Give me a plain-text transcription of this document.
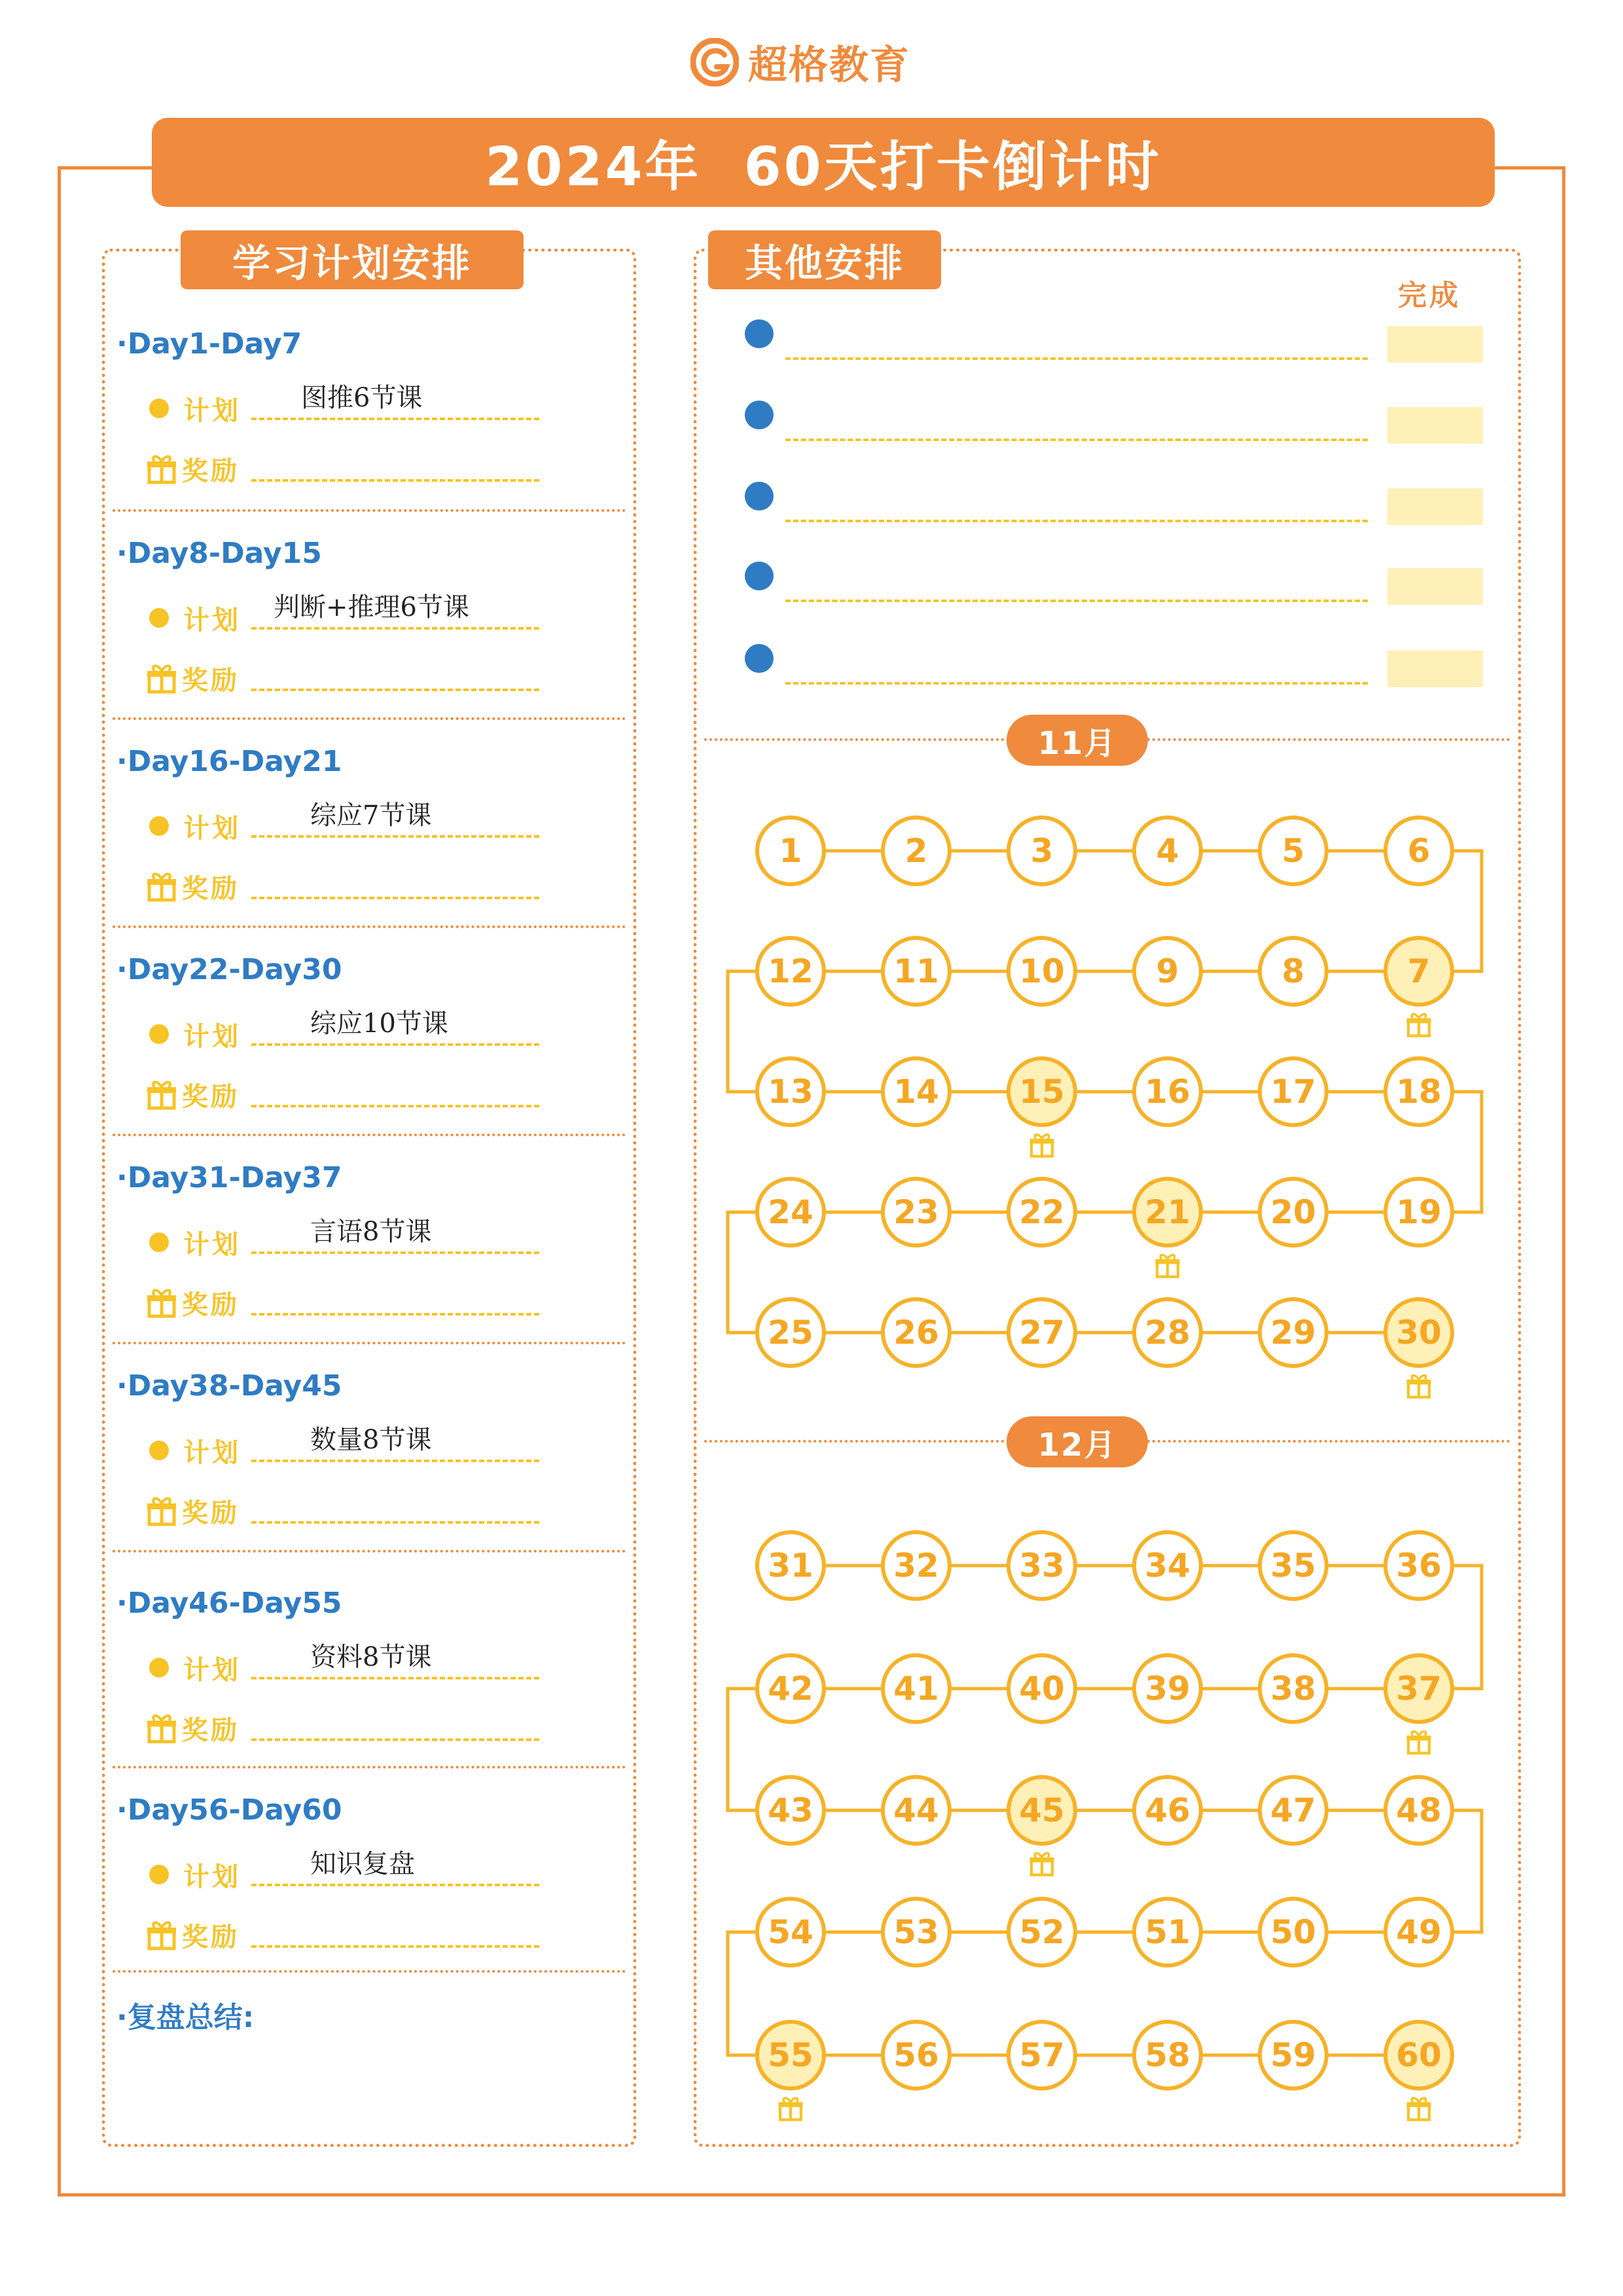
超格教育
2024年  60天打卡倒计时
学习计划安排	其他安排
·Day1-Day7
计划 图推6节课
奖励
·Day8-Day15
计划 判断+推理6节课
奖励
·Day16-Day21
计划	综应7节课
奖励
·Day22-Day30
计划	综应10节课
奖励
·Day31-Day37
计划	言语8节课
奖励
·Day38-Day45
计划	数量8节课
奖励
·Day46-Day55
计划	资料8节课
奖励
·Day56-Day60
计划	知识复盘
奖励
·复盘总结:
完成
11月
12月
1	2	3	4	5	6
12	11	10	9	8	7
13	14	15	16	17	18
24	23	22	21	20	19
25	26	27	28	29	30
31	32	33	34	35	36
42	41	40	39	38	37
43	44	45	46	47	48
54	53	52	51	50	49
55	56	57	58	59	60
